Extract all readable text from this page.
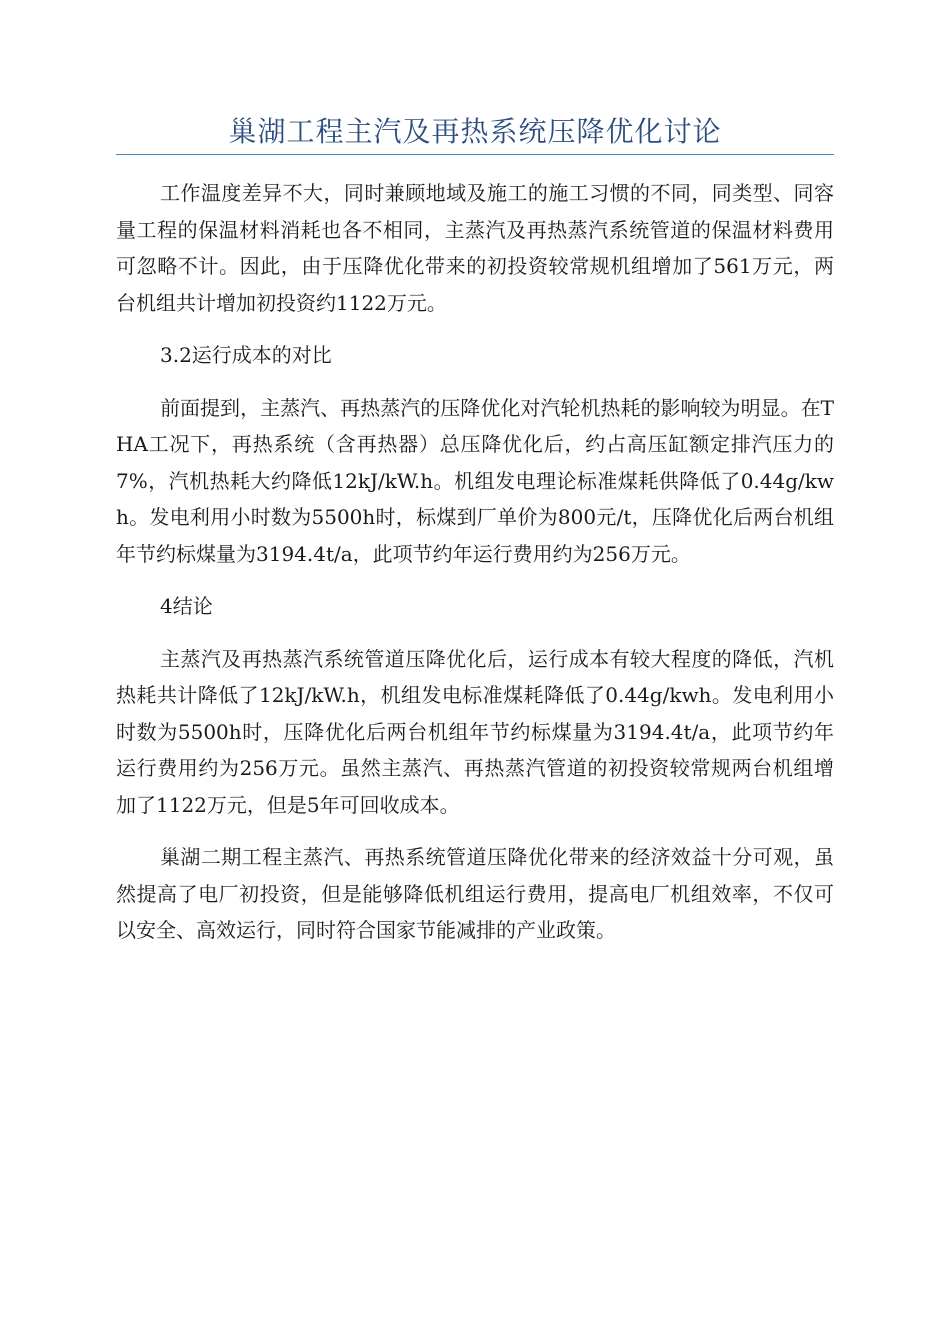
巢湖工程主汽及再热系统压降优化讨论

工作温度差异不大，同时兼顾地域及施工的施工习惯的不同，同类型、同容量工程的保温材料消耗也各不相同，主蒸汽及再热蒸汽系统管道的保温材料费用可忽略不计。因此，由于压降优化带来的初投资较常规机组增加了561万元，两台机组共计增加初投资约1122万元。

3.2运行成本的对比

前面提到，主蒸汽、再热蒸汽的压降优化对汽轮机热耗的影响较为明显。在THA工况下，再热系统（含再热器）总压降优化后，约占高压缸额定排汽压力的7%，汽机热耗大约降低12kJ/kW.h。机组发电理论标准煤耗供降低了0.44g/kwh。发电利用小时数为5500h时，标煤到厂单价为800元/t，压降优化后两台机组年节约标煤量为3194.4t/a，此项节约年运行费用约为256万元。

4结论

主蒸汽及再热蒸汽系统管道压降优化后，运行成本有较大程度的降低，汽机热耗共计降低了12kJ/kW.h，机组发电标准煤耗降低了0.44g/kwh。发电利用小时数为5500h时，压降优化后两台机组年节约标煤量为3194.4t/a，此项节约年运行费用约为256万元。虽然主蒸汽、再热蒸汽管道的初投资较常规两台机组增加了1122万元，但是5年可回收成本。

巢湖二期工程主蒸汽、再热系统管道压降优化带来的经济效益十分可观，虽然提高了电厂初投资，但是能够降低机组运行费用，提高电厂机组效率，不仅可以安全、高效运行，同时符合国家节能减排的产业政策。
